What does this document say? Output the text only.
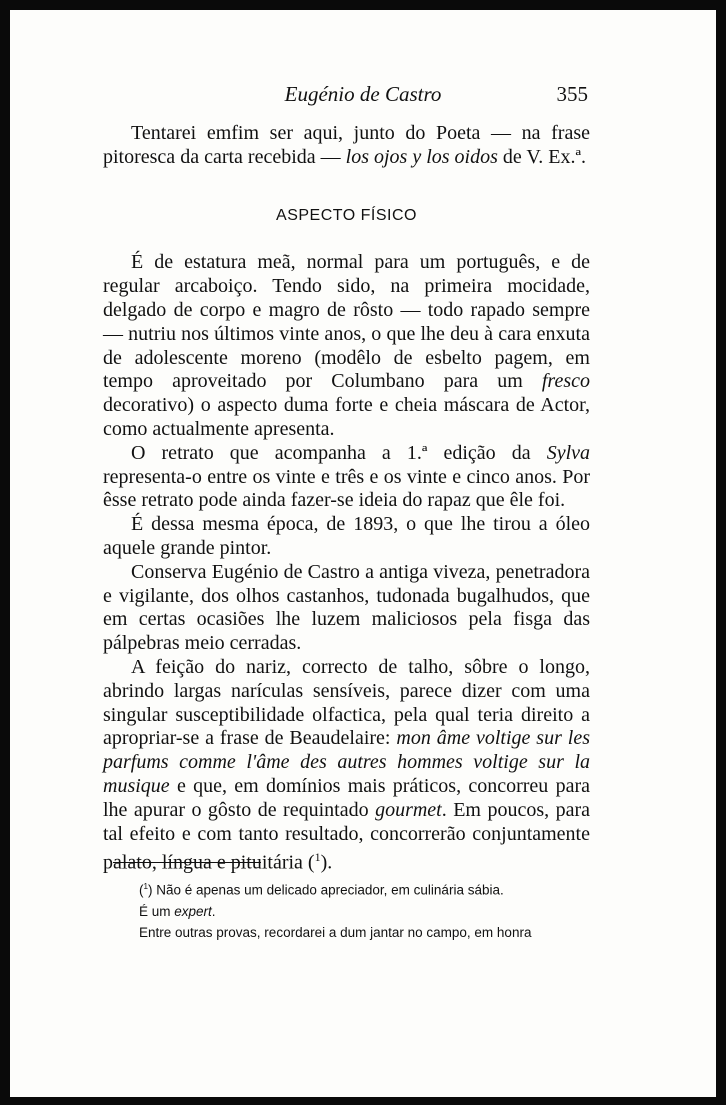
Eugénio de Castro	355

Tentarei emfim ser aqui, junto do Poeta — na frase pitoresca da carta recebida — los ojos y los oidos de V. Ex.ª.

ASPECTO FÍSICO

É de estatura meã, normal para um português, e de regular arcaboiço. Tendo sido, na primeira mocidade, delgado de corpo e magro de rôsto — todo rapado sempre — nutriu nos últimos vinte anos, o que lhe deu à cara enxuta de adolescente moreno (modêlo de esbelto pagem, em tempo aproveitado por Columbano para um fresco decorativo) o aspecto duma forte e cheia máscara de Actor, como actualmente apresenta.

O retrato que acompanha a 1.ª edição da Sylva representa-o entre os vinte e três e os vinte e cinco anos. Por êsse retrato pode ainda fazer-se ideia do rapaz que êle foi.

É dessa mesma época, de 1893, o que lhe tirou a óleo aquele grande pintor.

Conserva Eugénio de Castro a antiga viveza, penetradora e vigilante, dos olhos castanhos, tudonada bugalhudos, que em certas ocasiões lhe luzem maliciosos pela fisga das pálpebras meio cerradas.

A feição do nariz, correcto de talho, sôbre o longo, abrindo largas narículas sensíveis, parece dizer com uma singular susceptibilidade olfactica, pela qual teria direito a apropriar-se a frase de Beaudelaire: mon âme voltige sur les parfums comme l'âme des autres hommes voltige sur la musique e que, em domínios mais práticos, concorreu para lhe apurar o gôsto de requintado gourmet. Em poucos, para tal efeito e com tanto resultado, concorrerão conjuntamente palato, língua e pituitária ($^1$).

($^1$) Não é apenas um delicado apreciador, em culinária sábia.

É um expert.

Entre outras provas, recordarei a dum jantar no campo, em honra
